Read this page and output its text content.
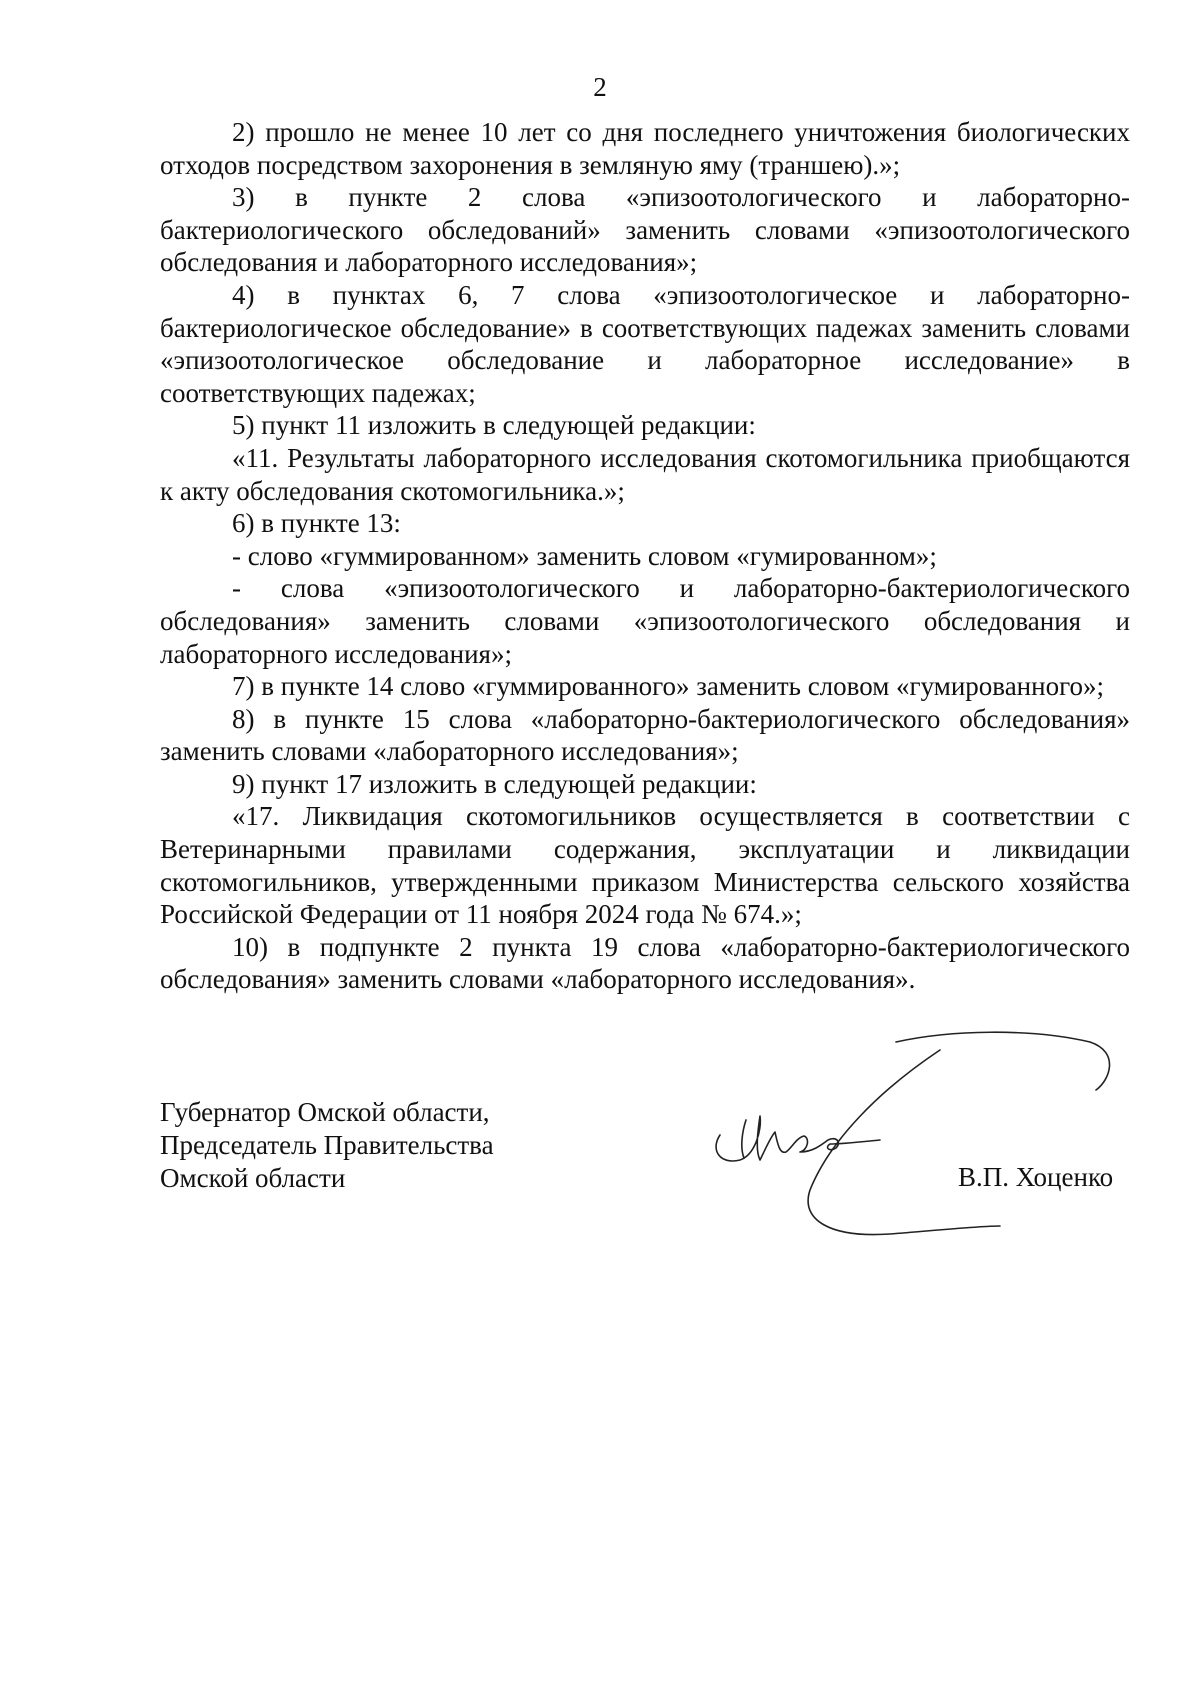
2

2) прошло не менее 10 лет со дня последнего уничтожения биологических отходов посредством захоронения в земляную яму (траншею).»;

3) в пункте 2 слова «эпизоотологического и лабораторно-бактериологического обследований» заменить словами «эпизоотологического обследования и лабораторного исследования»;

4) в пунктах 6, 7 слова «эпизоотологическое и лабораторно-бактериологическое обследование» в соответствующих падежах заменить словами «эпизоотологическое обследование и лабораторное исследование» в соответствующих падежах;

5) пункт 11 изложить в следующей редакции:

«11. Результаты лабораторного исследования скотомогильника приобщаются к акту обследования скотомогильника.»;

6) в пункте 13:

- слово «гуммированном» заменить словом «гумированном»;

- слова «эпизоотологического и лабораторно-бактериологического обследования» заменить словами «эпизоотологического обследования и лабораторного исследования»;

7) в пункте 14 слово «гуммированного» заменить словом «гумированного»;

8) в пункте 15 слова «лабораторно-бактериологического обследования» заменить словами «лабораторного исследования»;

9) пункт 17 изложить в следующей редакции:

«17. Ликвидация скотомогильников осуществляется в соответствии с Ветеринарными правилами содержания, эксплуатации и ликвидации скотомогильников, утвержденными приказом Министерства сельского хозяйства Российской Федерации от 11 ноября 2024 года № 674.»;

10) в подпункте 2 пункта 19 слова «лабораторно-бактериологического обследования» заменить словами «лабораторного исследования».

Губернатор Омской области,
Председатель Правительства
Омской области	В.П. Хоценко
